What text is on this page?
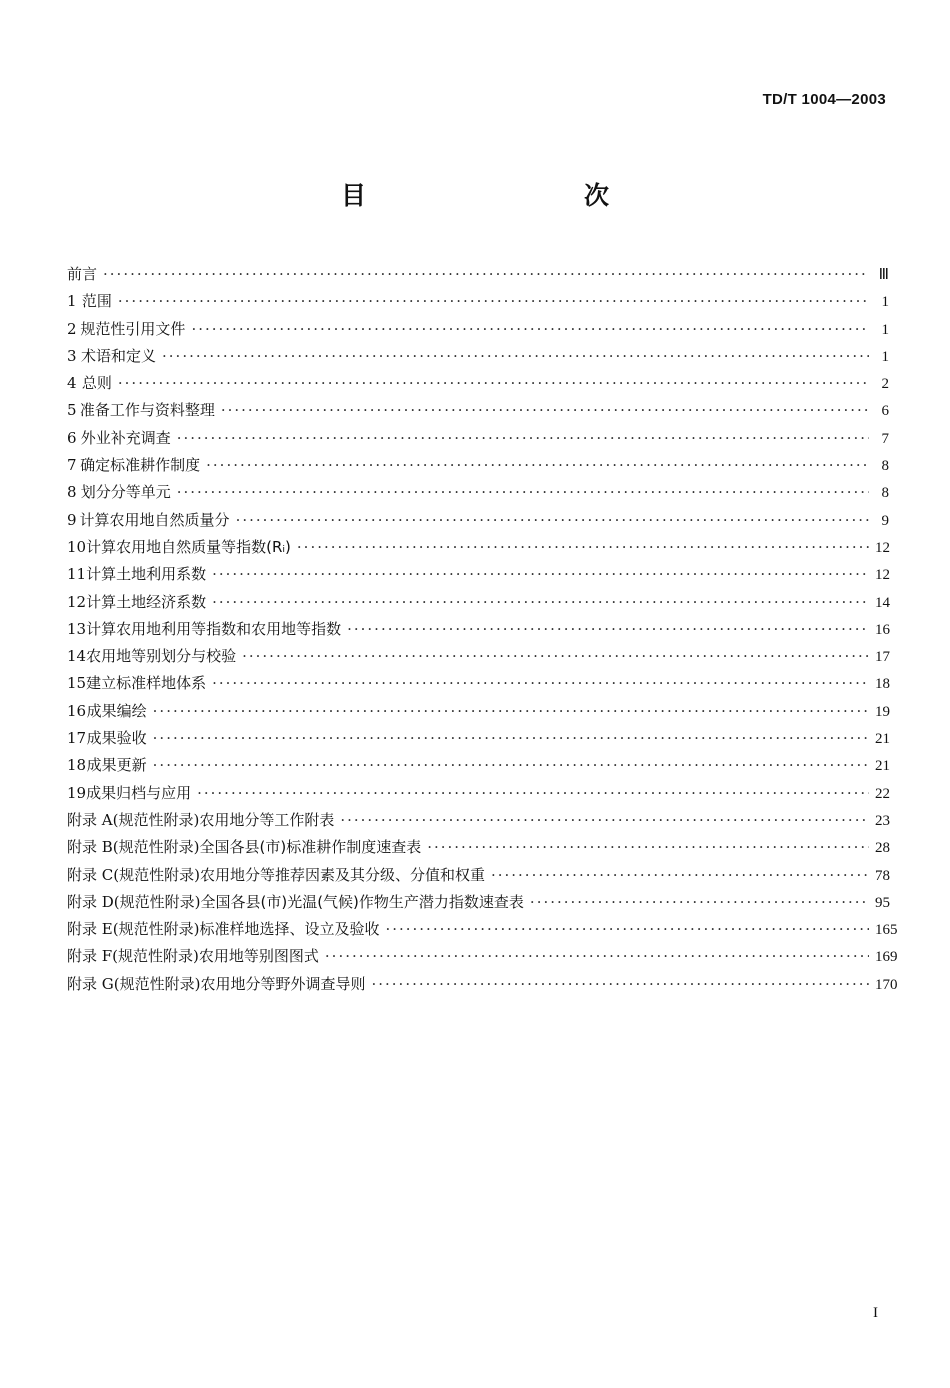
TD/T 1004—2003
目　　次
前言 ·····	Ⅲ
1 范围 ·····	1
2 规范性引用文件 ·····	1
3 术语和定义 ·····	1
4 总则 ·····	2
5 准备工作与资料整理 ·····	6
6 外业补充调查 ·····	7
7 确定标准耕作制度 ·····	8
8 划分分等单元 ·····	8
9 计算农用地自然质量分 ·····	9
10 计算农用地自然质量等指数(Rᵢ) ·····	12
11 计算土地利用系数 ·····	12
12 计算土地经济系数 ·····	14
13 计算农用地利用等指数和农用地等指数 ·····	16
14 农用地等别划分与校验 ·····	17
15 建立标准样地体系 ·····	18
16 成果编绘 ·····	19
17 成果验收 ·····	21
18 成果更新 ·····	21
19 成果归档与应用 ·····	22
附录 A(规范性附录) 农用地分等工作附表 ·····	23
附录 B(规范性附录) 全国各县(市)标准耕作制度速查表 ·····	28
附录 C(规范性附录) 农用地分等推荐因素及其分级、分值和权重 ·····	78
附录 D(规范性附录) 全国各县(市)光温(气候)作物生产潜力指数速查表 ·····	95
附录 E(规范性附录) 标准样地选择、设立及验收 ·····	165
附录 F(规范性附录) 农用地等别图图式 ·····	169
附录 G(规范性附录) 农用地分等野外调查导则 ·····	170
I
